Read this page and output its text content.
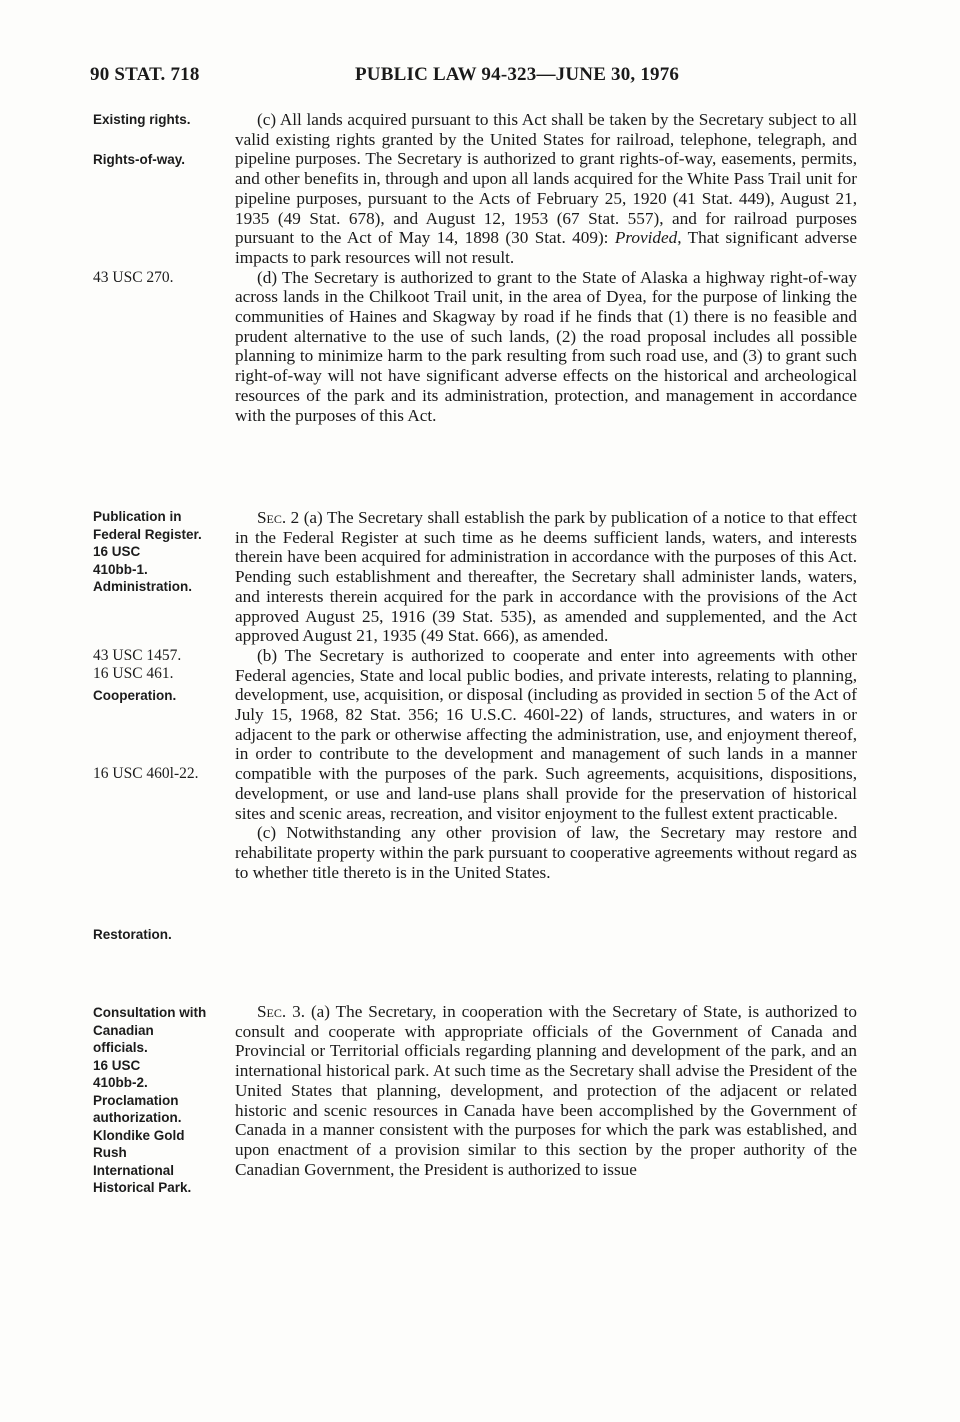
90 STAT. 718	PUBLIC LAW 94-323—JUNE 30, 1976
Existing rights.
Rights-of-way.
43 USC 270.
Publication in
Federal Register.
16 USC
410bb-1.
Administration.
43 USC 1457.
16 USC 461.
Cooperation.
16 USC 460l-22.
Restoration.
Consultation with
Canadian
officials.
16 USC
410bb-2.
Proclamation
authorization.
Klondike Gold
Rush
International
Historical Park.

(c) All lands acquired pursuant to this Act shall be taken by the Secretary subject to all valid existing rights granted by the United States for railroad, telephone, telegraph, and pipeline purposes. The Secretary is authorized to grant rights-of-way, easements, permits, and other benefits in, through and upon all lands acquired for the White Pass Trail unit for pipeline purposes, pursuant to the Acts of February 25, 1920 (41 Stat. 449), August 21, 1935 (49 Stat. 678), and August 12, 1953 (67 Stat. 557), and for railroad purposes pursuant to the Act of May 14, 1898 (30 Stat. 409): Provided, That significant adverse impacts to park resources will not result.

(d) The Secretary is authorized to grant to the State of Alaska a highway right-of-way across lands in the Chilkoot Trail unit, in the area of Dyea, for the purpose of linking the communities of Haines and Skagway by road if he finds that (1) there is no feasible and prudent alternative to the use of such lands, (2) the road proposal includes all possible planning to minimize harm to the park resulting from such road use, and (3) to grant such right-of-way will not have significant adverse effects on the historical and archeological resources of the park and its administration, protection, and management in accordance with the purposes of this Act.

Sec. 2 (a) The Secretary shall establish the park by publication of a notice to that effect in the Federal Register at such time as he deems sufficient lands, waters, and interests therein have been acquired for administration in accordance with the purposes of this Act. Pending such establishment and thereafter, the Secretary shall administer lands, waters, and interests therein acquired for the park in accordance with the provisions of the Act approved August 25, 1916 (39 Stat. 535), as amended and supplemented, and the Act approved August 21, 1935 (49 Stat. 666), as amended.

(b) The Secretary is authorized to cooperate and enter into agreements with other Federal agencies, State and local public bodies, and private interests, relating to planning, development, use, acquisition, or disposal (including as provided in section 5 of the Act of July 15, 1968, 82 Stat. 356; 16 U.S.C. 460l-22) of lands, structures, and waters in or adjacent to the park or otherwise affecting the administration, use, and enjoyment thereof, in order to contribute to the development and management of such lands in a manner compatible with the purposes of the park. Such agreements, acquisitions, dispositions, development, or use and land-use plans shall provide for the preservation of historical sites and scenic areas, recreation, and visitor enjoyment to the fullest extent practicable.

(c) Notwithstanding any other provision of law, the Secretary may restore and rehabilitate property within the park pursuant to cooperative agreements without regard as to whether title thereto is in the United States.

Sec. 3. (a) The Secretary, in cooperation with the Secretary of State, is authorized to consult and cooperate with appropriate officials of the Government of Canada and Provincial or Territorial officials regarding planning and development of the park, and an international historical park. At such time as the Secretary shall advise the President of the United States that planning, development, and protection of the adjacent or related historic and scenic resources in Canada have been accomplished by the Government of Canada in a manner consistent with the purposes for which the park was established, and upon enactment of a provision similar to this section by the proper authority of the Canadian Government, the President is authorized to issue
